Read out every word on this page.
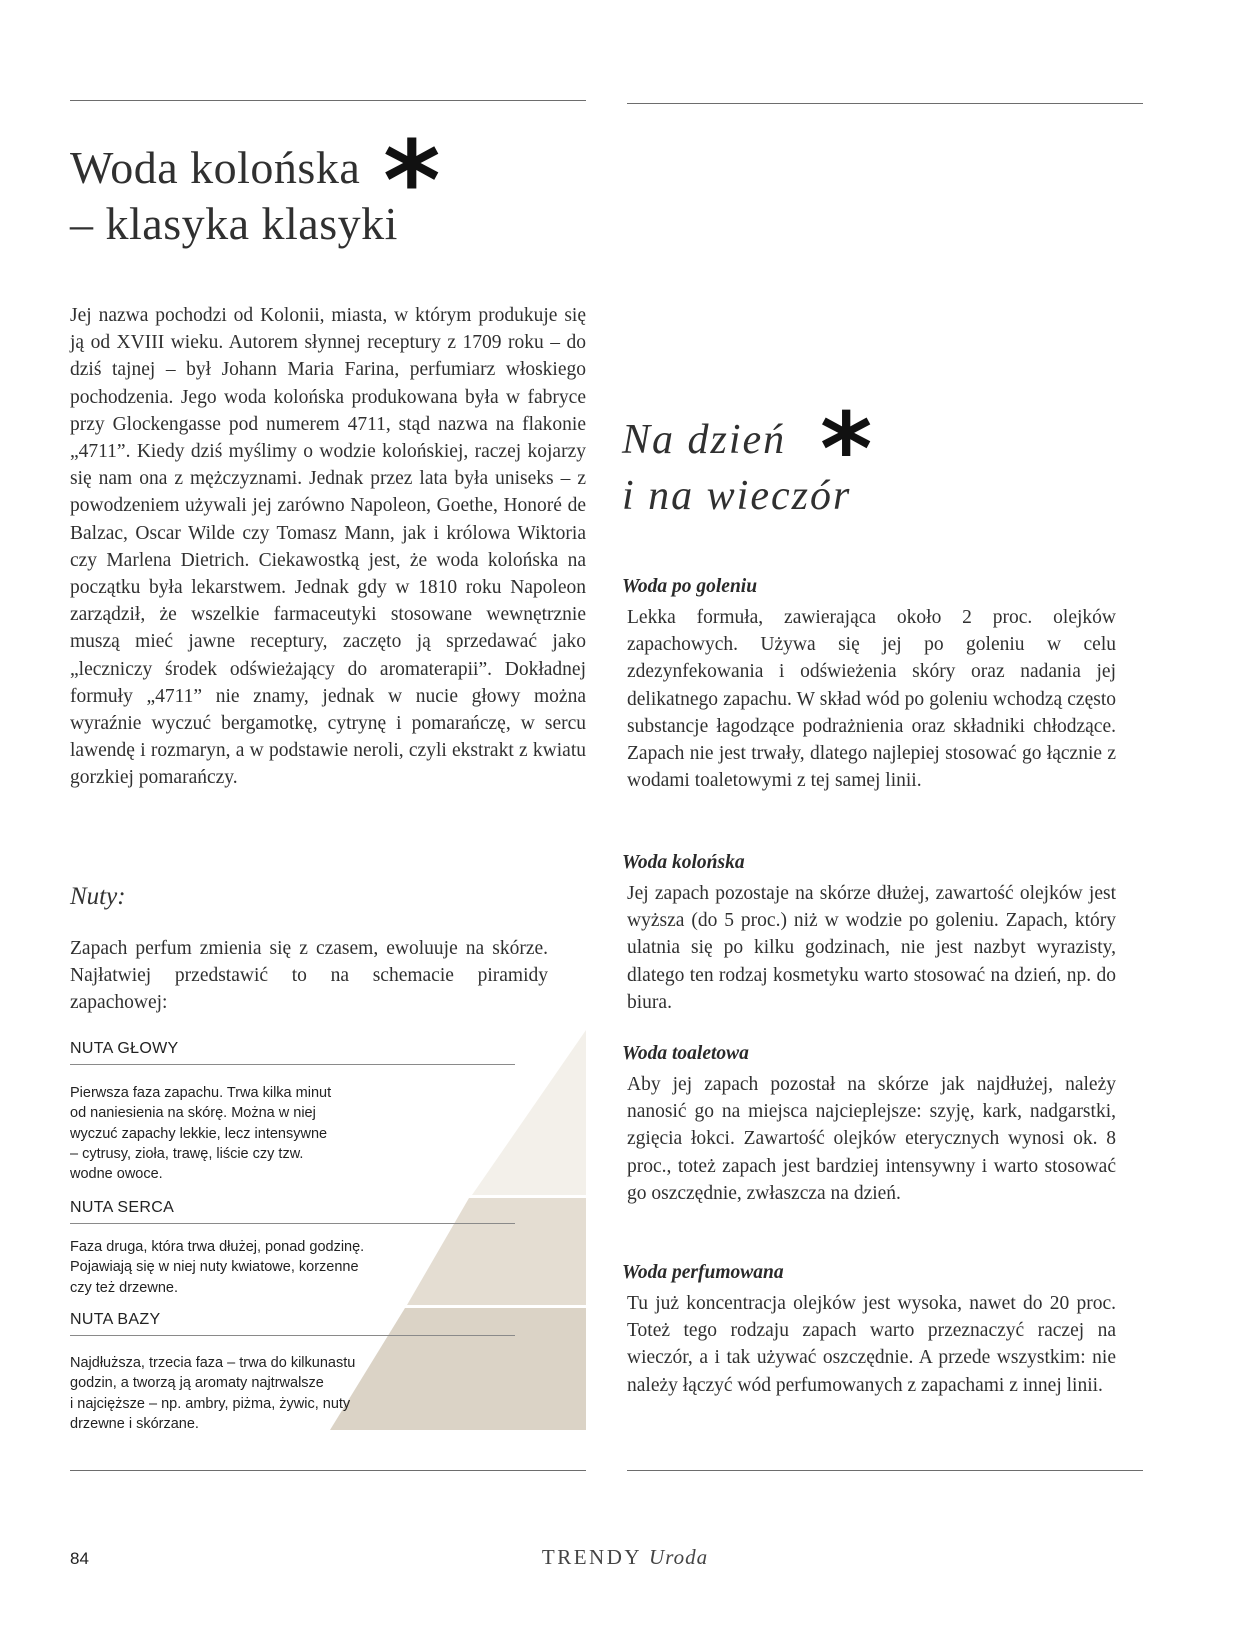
Woda kolońska
– klasyka klasyki
*

Jej nazwa pochodzi od Kolonii, miasta, w którym produkuje się ją od XVIII wieku. Autorem słynnej receptury z 1709 roku – do dziś tajnej – był Johann Maria Farina, perfumiarz włoskiego pochodzenia. Jego woda kolońska produkowana była w fabryce przy Glockengasse pod numerem 4711, stąd nazwa na flakonie „4711”. Kiedy dziś myślimy o wodzie kolońskiej, raczej kojarzy się nam ona z mężczyznami. Jednak przez lata była uniseks – z powodzeniem używali jej zarówno Napoleon, Goethe, Honoré de Balzac, Oscar Wilde czy Tomasz Mann, jak i królowa Wiktoria czy Marlena Dietrich. Ciekawostką jest, że woda kolońska na początku była lekarstwem. Jednak gdy w 1810 roku Napoleon zarządził, że wszelkie farmaceutyki stosowane wewnętrznie muszą mieć jawne receptury, zaczęto ją sprzedawać jako „leczniczy środek odświeżający do aromaterapii”. Dokładnej formuły „4711” nie znamy, jednak w nucie głowy można wyraźnie wyczuć bergamotkę, cytrynę i pomarańczę, w sercu lawendę i rozmaryn, a w podstawie neroli, czyli ekstrakt z kwiatu gorzkiej pomarańczy.

Nuty:

Zapach perfum zmienia się z czasem, ewoluuje na skórze. Najłatwiej przedstawić to na schemacie piramidy zapachowej:

NUTA GŁOWY
Pierwsza faza zapachu. Trwa kilka minut
od naniesienia na skórę. Można w niej
wyczuć zapachy lekkie, lecz intensywne
– cytrusy, zioła, trawę, liście czy tzw.
wodne owoce.
NUTA SERCA
Faza druga, która trwa dłużej, ponad godzinę.
Pojawiają się w niej nuty kwiatowe, korzenne
czy też drzewne.
NUTA BAZY
Najdłuższa, trzecia faza – trwa do kilkunastu
godzin, a tworzą ją aromaty najtrwalsze
i najcięższe – np. ambry, piżma, żywic, nuty
drzewne i skórzane.
Na dzień
i na wieczór
*
Woda po goleniu

Lekka formuła, zawierająca około 2 proc. olejków zapachowych. Używa się jej po goleniu w celu zdezynfekowania i odświeżenia skóry oraz nadania jej delikatnego zapachu. W skład wód po goleniu wchodzą często substancje łagodzące podrażnienia oraz składniki chłodzące. Zapach nie jest trwały, dlatego najlepiej stosować go łącznie z wodami toaletowymi z tej samej linii.

Woda kolońska

Jej zapach pozostaje na skórze dłużej, zawartość olejków jest wyższa (do 5 proc.) niż w wodzie po goleniu. Zapach, który ulatnia się po kilku godzinach, nie jest nazbyt wyrazisty, dlatego ten rodzaj kosmetyku warto stosować na dzień, np. do biura.

Woda toaletowa

Aby jej zapach pozostał na skórze jak najdłużej, należy nanosić go na miejsca najcieplejsze: szyję, kark, nadgarstki, zgięcia łokci. Zawartość olejków eterycznych wynosi ok. 8 proc., toteż zapach jest bardziej intensywny i warto stosować go oszczędnie, zwłaszcza na dzień.

Woda perfumowana

Tu już koncentracja olejków jest wysoka, nawet do 20 proc. Toteż tego rodzaju zapach warto przeznaczyć raczej na wieczór, a i tak używać oszczędnie. A przede wszystkim: nie należy łączyć wód perfumowanych z zapachami z innej linii.

84	TRENDY Uroda
